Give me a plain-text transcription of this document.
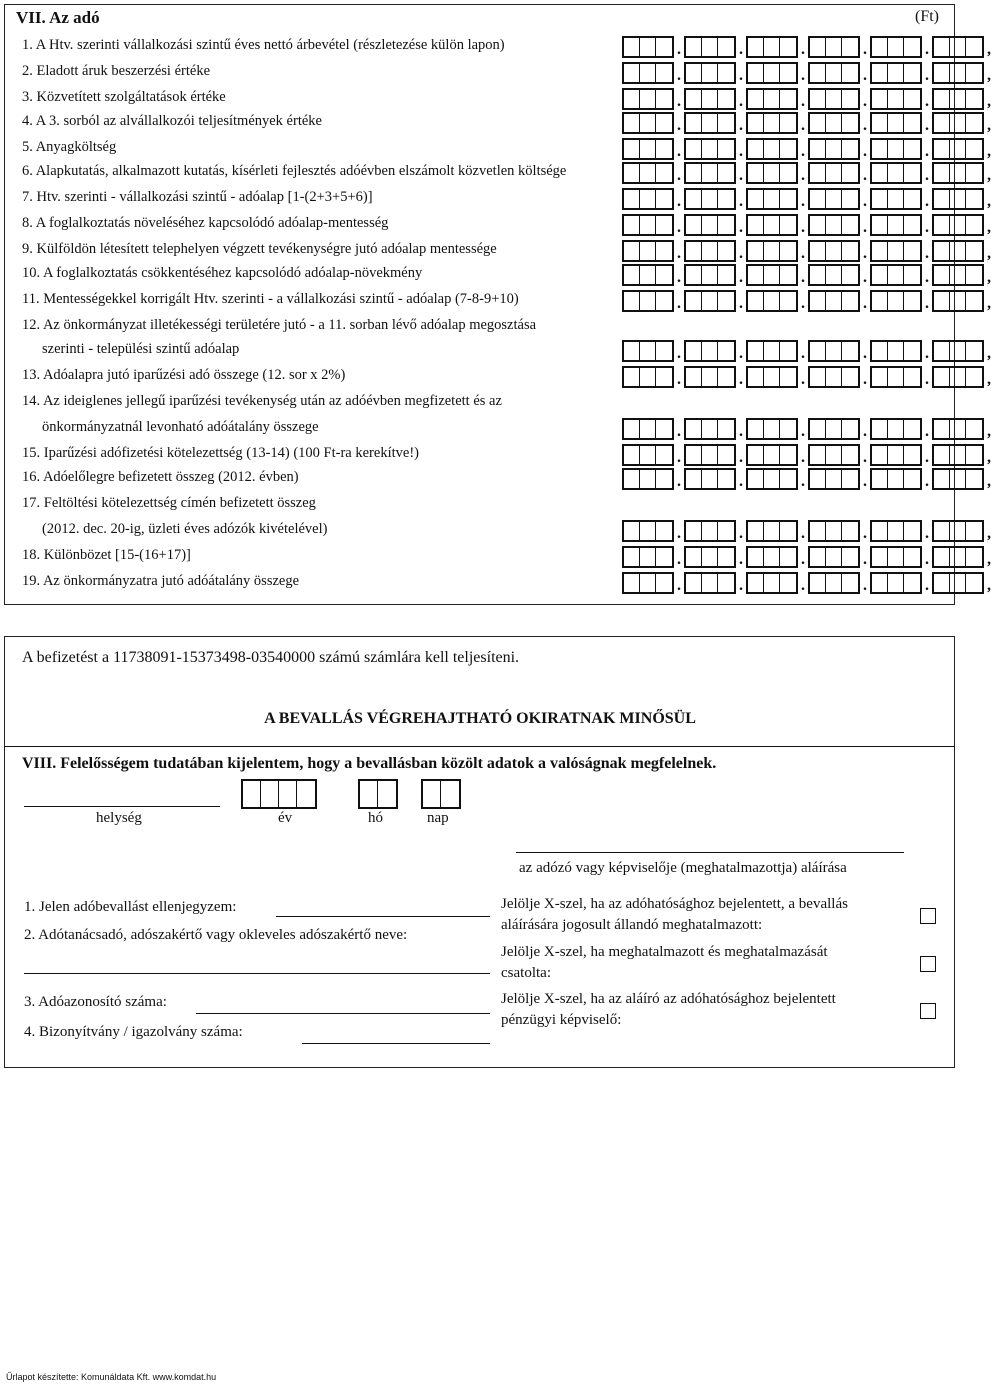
VII. Az adó	(Ft)
1. A Htv. szerinti vállalkozási szintű éves nettó árbevétel (részletezése külön lapon)	.	.	.	.	.	,
2. Eladott áruk beszerzési értéke	.	.	.	.	.	,
3. Közvetített szolgáltatások értéke	.	.	.	.	.	,
4. A 3. sorból az alvállalkozói teljesítmények értéke	.	.	.	.	.	,
5. Anyagköltség	.	.	.	.	.	,
6. Alapkutatás, alkalmazott kutatás, kísérleti fejlesztés adóévben elszámolt közvetlen költsége	.	.	.	.	.	,
7. Htv. szerinti - vállalkozási szintű - adóalap [1-(2+3+5+6)]	.	.	.	.	.	,
8. A foglalkoztatás növeléséhez kapcsolódó adóalap-mentesség	.	.	.	.	.	,
9. Külföldön létesített telephelyen végzett tevékenységre jutó adóalap mentessége	.	.	.	.	.	,
10. A foglalkoztatás csökkentéséhez kapcsolódó adóalap-növekmény	.	.	.	.	.	,
11. Mentességekkel korrigált Htv. szerinti - a vállalkozási szintű - adóalap (7-8-9+10)	.	.	.	.	.	,
12. Az önkormányzat illetékességi területére jutó - a 11. sorban lévő adóalap megosztása
szerinti - települési szintű adóalap	.	.	.	.	.	,
13. Adóalapra jutó iparűzési adó összege (12. sor x 2%)	.	.	.	.	.	,
14. Az ideiglenes jellegű iparűzési tevékenység után az adóévben megfizetett és az
önkormányzatnál levonható adóátalány összege	.	.	.	.	.	,
15. Iparűzési adófizetési kötelezettség (13-14) (100 Ft-ra kerekítve!)	.	.	.	.	.	,
16. Adóelőlegre befizetett összeg (2012. évben)	.	.	.	.	.	,
17. Feltöltési kötelezettség címén befizetett összeg
(2012. dec. 20-ig, üzleti éves adózók kivételével)	.	.	.	.	.	,
18. Különbözet [15-(16+17)]	.	.	.	.	.	,
19. Az önkormányzatra jutó adóátalány összege	.	.	.	.	.	,
A befizetést a 11738091-15373498-03540000 számú számlára kell teljesíteni.
A BEVALLÁS VÉGREHAJTHATÓ OKIRATNAK MINŐSÜL
VIII. Felelősségem tudatában kijelentem, hogy a bevallásban közölt adatok a valóságnak megfelelnek.
helység	év	hó	nap
az adózó vagy képviselője (meghatalmazottja) aláírása
1. Jelen adóbevallást ellenjegyzem:
2. Adótanácsadó, adószakértő vagy okleveles adószakértő neve:
3. Adóazonosító száma:
4. Bizonyítvány / igazolvány száma:
Jelölje X-szel, ha az adóhatósághoz bejelentett, a bevallás
aláírására jogosult állandó meghatalmazott:
Jelölje X-szel, ha meghatalmazott és meghatalmazását
csatolta:
Jelölje X-szel, ha az aláíró az adóhatósághoz bejelentett
pénzügyi képviselő:
Űrlapot készítette: Komunáldata Kft. www.komdat.hu
